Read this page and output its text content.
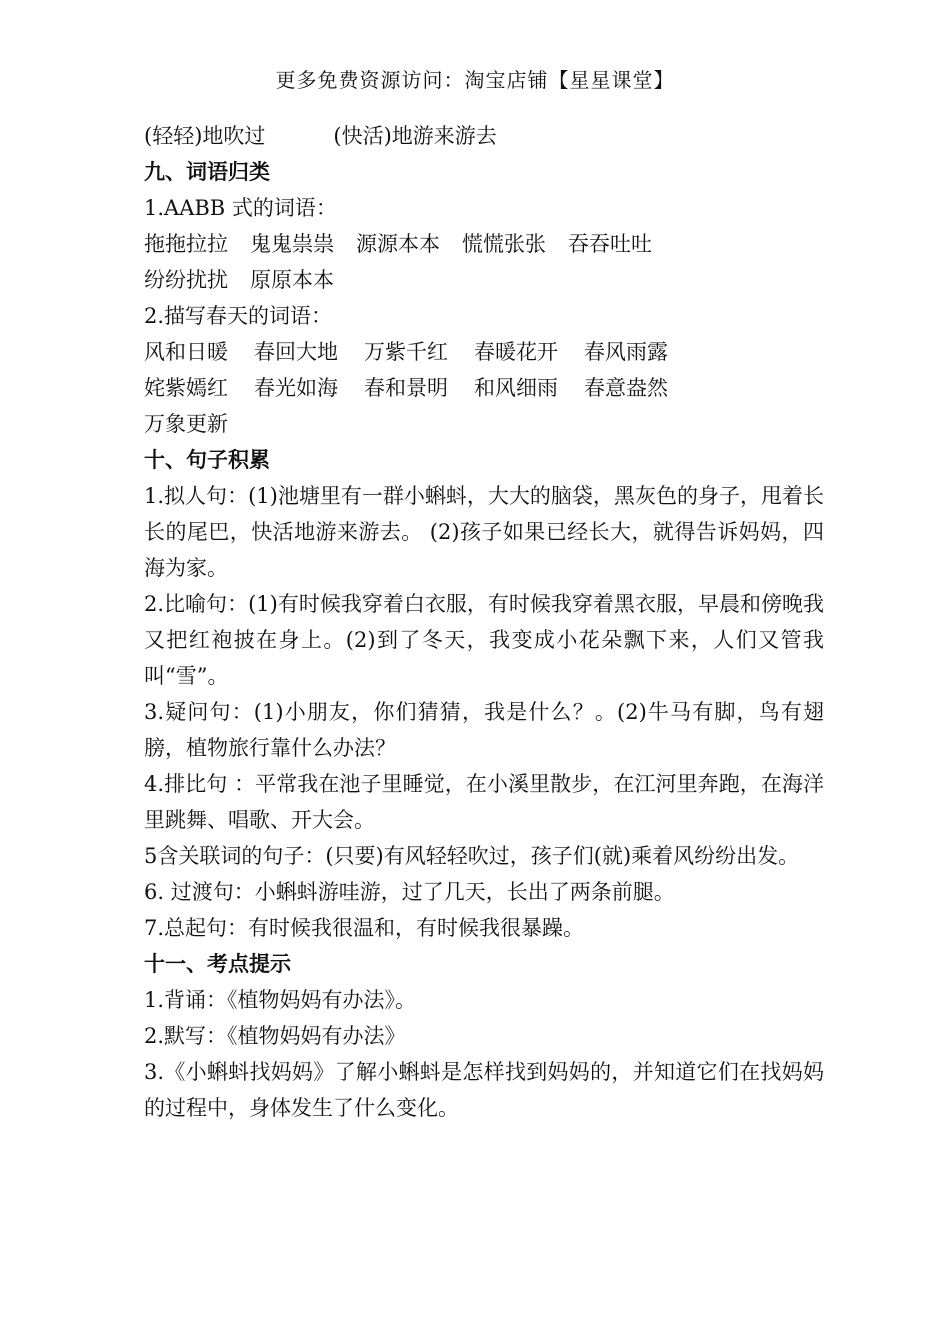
更多免费资源访问：淘宝店铺【星星课堂】

(轻轻)地吹过	(快活)地游来游去

九、词语归类

1.AABB 式的词语：

拖拖拉拉 鬼鬼祟祟 源源本本 慌慌张张 吞吞吐吐

纷纷扰扰 原原本本

2.描写春天的词语：

风和日暖 春回大地 万紫千红 春暖花开 春风雨露

姹紫嫣红 春光如海 春和景明 和风细雨 春意盎然

万象更新

十、句子积累

1.拟人句：(1)池塘里有一群小蝌蚪，大大的脑袋，黑灰色的身子，甩着长长的尾巴，快活地游来游去。 (2)孩子如果已经长大，就得告诉妈妈，四海为家。

2.比喻句：(1)有时候我穿着白衣服，有时候我穿着黑衣服，早晨和傍晚我又把红袍披在身上。(2)到了冬天，我变成小花朵飘下来，人们又管我叫“雪”。

3.疑问句：(1)小朋友，你们猜猜，我是什么？。(2)牛马有脚，鸟有翅膀，植物旅行靠什么办法？

4.排比句 ：平常我在池子里睡觉，在小溪里散步，在江河里奔跑，在海洋里跳舞、唱歌、开大会。

5含关联词的句子：(只要)有风轻轻吹过，孩子们(就)乘着风纷纷出发。

6. 过渡句：小蝌蚪游哇游，过了几天，长出了两条前腿。

7.总起句：有时候我很温和，有时候我很暴躁。

十一、考点提示

1.背诵：《植物妈妈有办法》。

2.默写：《植物妈妈有办法》

3.《小蝌蚪找妈妈》了解小蝌蚪是怎样找到妈妈的，并知道它们在找妈妈的过程中，身体发生了什么变化。
